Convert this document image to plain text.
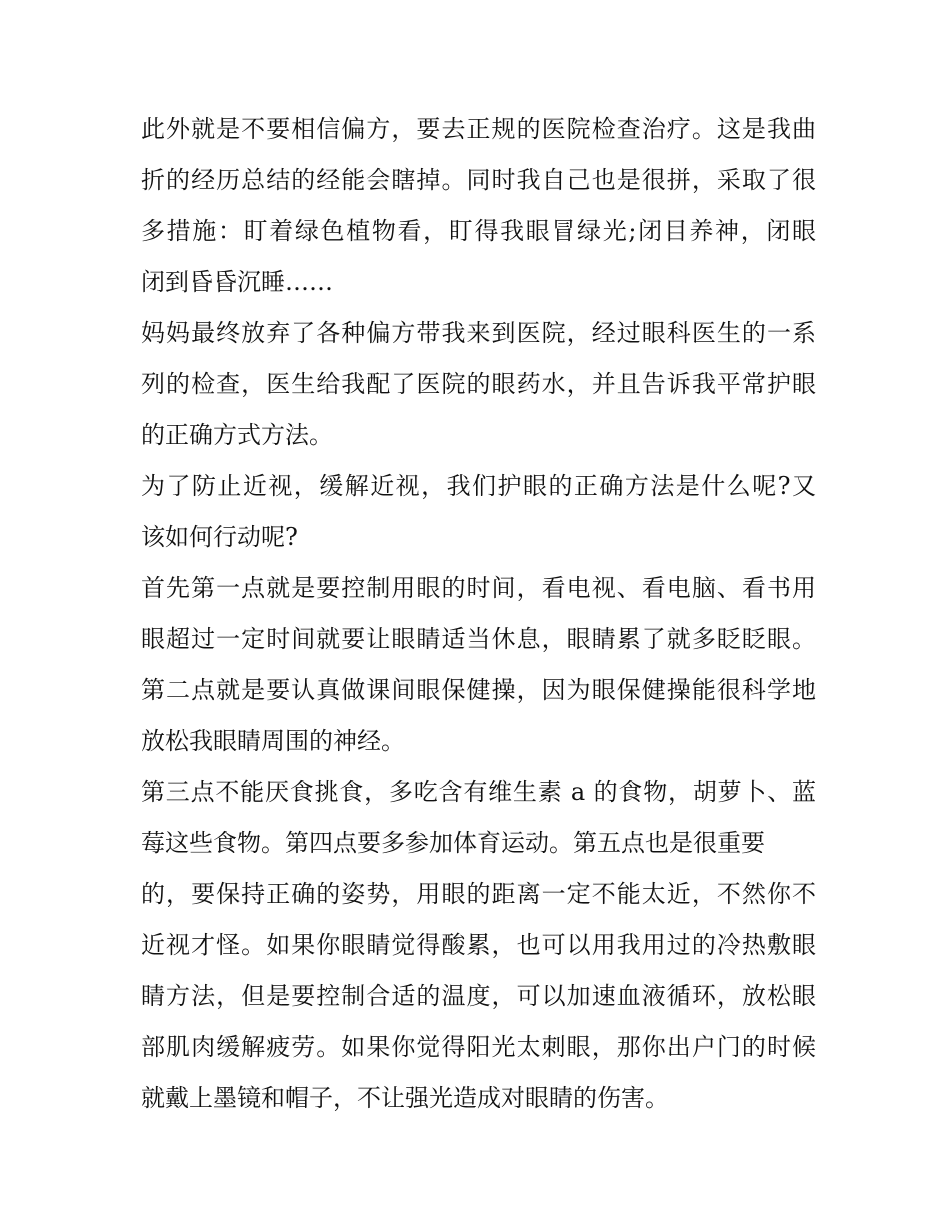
此外就是不要相信偏方，要去正规的医院检查治疗。这是我曲
折的经历总结的经能会瞎掉。同时我自己也是很拼，采取了很
多措施：盯着绿色植物看，盯得我眼冒绿光;闭目养神，闭眼
闭到昏昏沉睡……
妈妈最终放弃了各种偏方带我来到医院，经过眼科医生的一系
列的检查，医生给我配了医院的眼药水，并且告诉我平常护眼
的正确方式方法。
为了防止近视，缓解近视，我们护眼的正确方法是什么呢?又
该如何行动呢?
首先第一点就是要控制用眼的时间，看电视、看电脑、看书用
眼超过一定时间就要让眼睛适当休息，眼睛累了就多眨眨眼。
第二点就是要认真做课间眼保健操，因为眼保健操能很科学地
放松我眼睛周围的神经。
第三点不能厌食挑食，多吃含有维生素 a 的食物，胡萝卜、蓝
莓这些食物。第四点要多参加体育运动。第五点也是很重要
的，要保持正确的姿势，用眼的距离一定不能太近，不然你不
近视才怪。如果你眼睛觉得酸累，也可以用我用过的冷热敷眼
睛方法，但是要控制合适的温度，可以加速血液循环，放松眼
部肌肉缓解疲劳。如果你觉得阳光太刺眼，那你出户门的时候
就戴上墨镜和帽子，不让强光造成对眼睛的伤害。
